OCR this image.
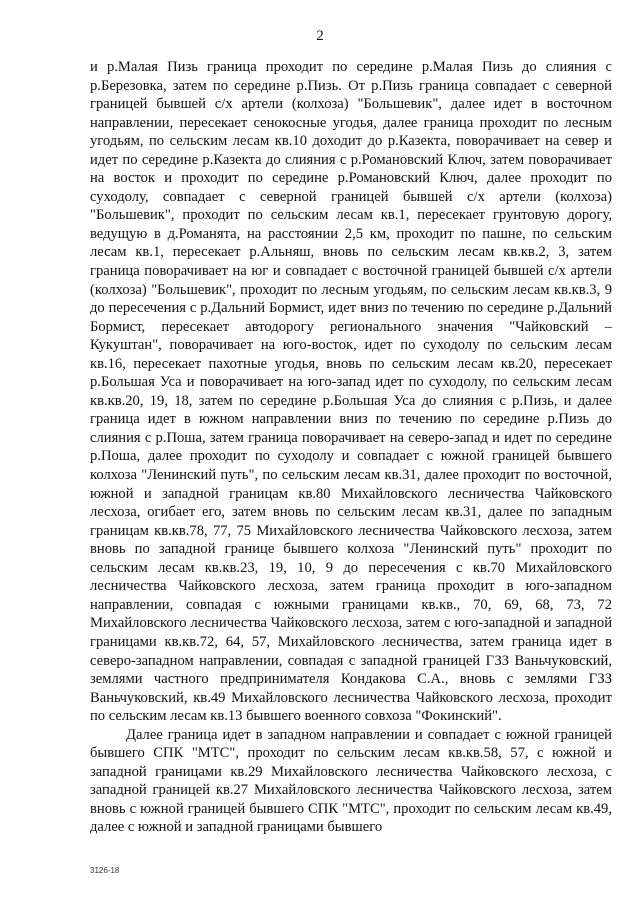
2

и р.Малая Пизь граница проходит по середине р.Малая Пизь до слияния с р.Березовка, затем по середине р.Пизь. От р.Пизь граница совпадает с северной границей бывшей с/х артели (колхоза) "Большевик", далее идет в восточном направлении, пересекает сенокосные угодья, далее граница проходит по лесным угодьям, по сельским лесам кв.10 доходит до р.Казекта, поворачивает на север и идет по середине р.Казекта до слияния с р.Романовский Ключ, затем поворачивает на восток и проходит по середине р.Романовский Ключ, далее проходит по суходолу, совпадает с северной границей бывшей с/х артели (колхоза) "Большевик", проходит по сельским лесам кв.1, пересекает грунтовую дорогу, ведущую в д.Романята, на расстоянии 2,5 км, проходит по пашне, по сельским лесам кв.1, пересекает р.Альняш, вновь по сельским лесам кв.кв.2, 3, затем граница поворачивает на юг и совпадает с восточной границей бывшей с/х артели (колхоза) "Большевик", проходит по лесным угодьям, по сельским лесам кв.кв.3, 9 до пересечения с р.Дальний Бормист, идет вниз по течению по середине р.Дальний Бормист, пересекает автодорогу регионального значения "Чайковский – Кукуштан", поворачивает на юго-восток, идет по суходолу по сельским лесам кв.16, пересекает пахотные угодья, вновь по сельским лесам кв.20, пересекает р.Большая Уса и поворачивает на юго-запад идет по суходолу, по сельским лесам кв.кв.20, 19, 18, затем по середине р.Большая Уса до слияния с р.Пизь, и далее граница идет в южном направлении вниз по течению по середине р.Пизь до слияния с р.Поша, затем граница поворачивает на северо-запад и идет по середине р.Поша, далее проходит по суходолу и совпадает с южной границей бывшего колхоза "Ленинский путь", по сельским лесам кв.31, далее проходит по восточной, южной и западной границам кв.80 Михайловского лесничества Чайковского лесхоза, огибает его, затем вновь по сельским лесам кв.31, далее по западным границам кв.кв.78, 77, 75 Михайловского лесничества Чайковского лесхоза, затем вновь по западной границе бывшего колхоза "Ленинский путь" проходит по сельским лесам кв.кв.23, 19, 10, 9 до пересечения с кв.70 Михайловского лесничества Чайковского лесхоза, затем граница проходит в юго-западном направлении, совпадая с южными границами кв.кв., 70, 69, 68, 73, 72 Михайловского лесничества Чайковского лесхоза, затем с юго-западной и западной границами кв.кв.72, 64, 57, Михайловского лесничества, затем граница идет в северо-западном направлении, совпадая с западной границей ГЗЗ Ваньчуковский, землями частного предпринимателя Кондакова С.А., вновь с землями ГЗЗ Ваньчуковский, кв.49 Михайловского лесничества Чайковского лесхоза, проходит по сельским лесам кв.13 бывшего военного совхоза "Фокинский".

Далее граница идет в западном направлении и совпадает с южной границей бывшего СПК "МТС", проходит по сельским лесам кв.кв.58, 57, с южной и западной границами кв.29 Михайловского лесничества Чайковского лесхоза, с западной границей кв.27 Михайловского лесничества Чайковского лесхоза, затем вновь с южной границей бывшего СПК "МТС", проходит по сельским лесам кв.49, далее с южной и западной границами бывшего

3126-18
